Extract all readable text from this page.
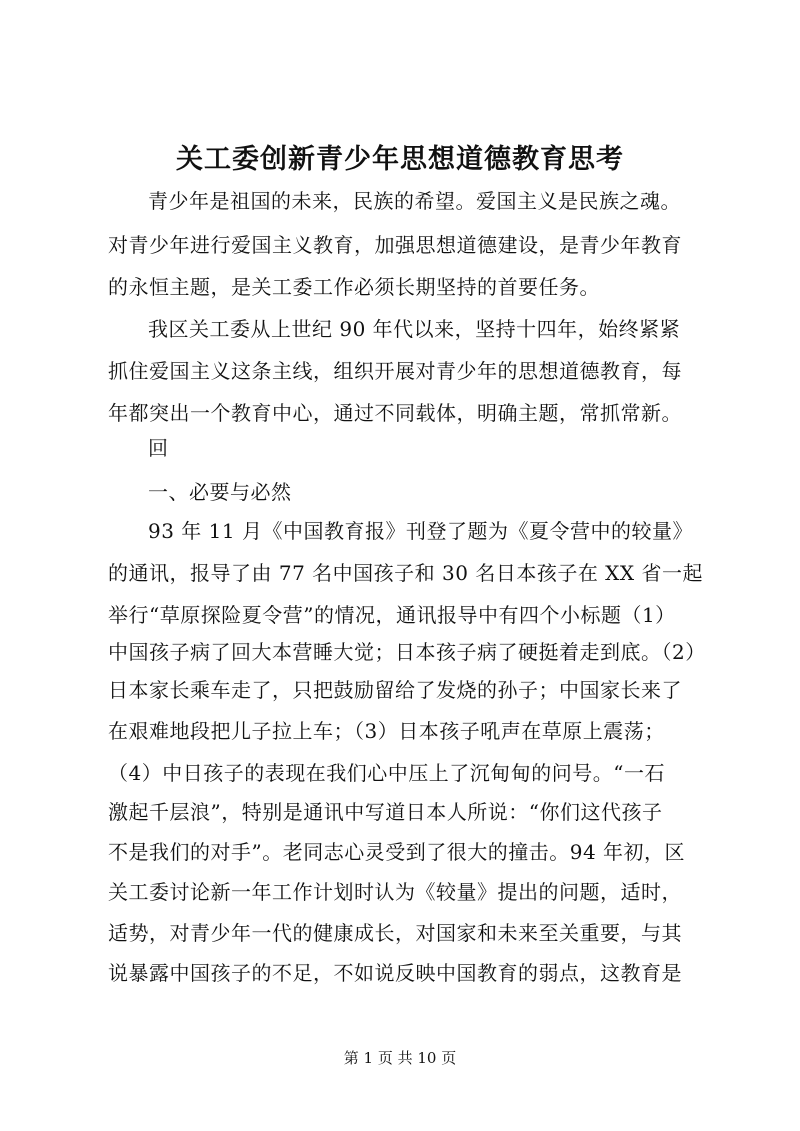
关工委创新青少年思想道德教育思考
青少年是祖国的未来，民族的希望。爱国主义是民族之魂。
对青少年进行爱国主义教育，加强思想道德建设，是青少年教育
的永恒主题，是关工委工作必须长期坚持的首要任务。
我区关工委从上世纪 90 年代以来，坚持十四年，始终紧紧
抓住爱国主义这条主线，组织开展对青少年的思想道德教育，每
年都突出一个教育中心，通过不同载体，明确主题，常抓常新。
回
一、必要与必然
93 年 11 月《中国教育报》刊登了题为《夏令营中的较量》
的通讯，报导了由 77 名中国孩子和 30 名日本孩子在 XX 省一起
举行“草原探险夏令营”的情况，通讯报导中有四个小标题（1）
中国孩子病了回大本营睡大觉；日本孩子病了硬挺着走到底。（2）
日本家长乘车走了，只把鼓励留给了发烧的孙子；中国家长来了
在艰难地段把儿子拉上车；（3）日本孩子吼声在草原上震荡；
（4）中日孩子的表现在我们心中压上了沉甸甸的问号。“一石
激起千层浪”，特别是通讯中写道日本人所说：“你们这代孩子
不是我们的对手”。老同志心灵受到了很大的撞击。94 年初，区
关工委讨论新一年工作计划时认为《较量》提出的问题，适时，
适势，对青少年一代的健康成长，对国家和未来至关重要，与其
说暴露中国孩子的不足，不如说反映中国教育的弱点，这教育是
第 1 页 共 10 页
